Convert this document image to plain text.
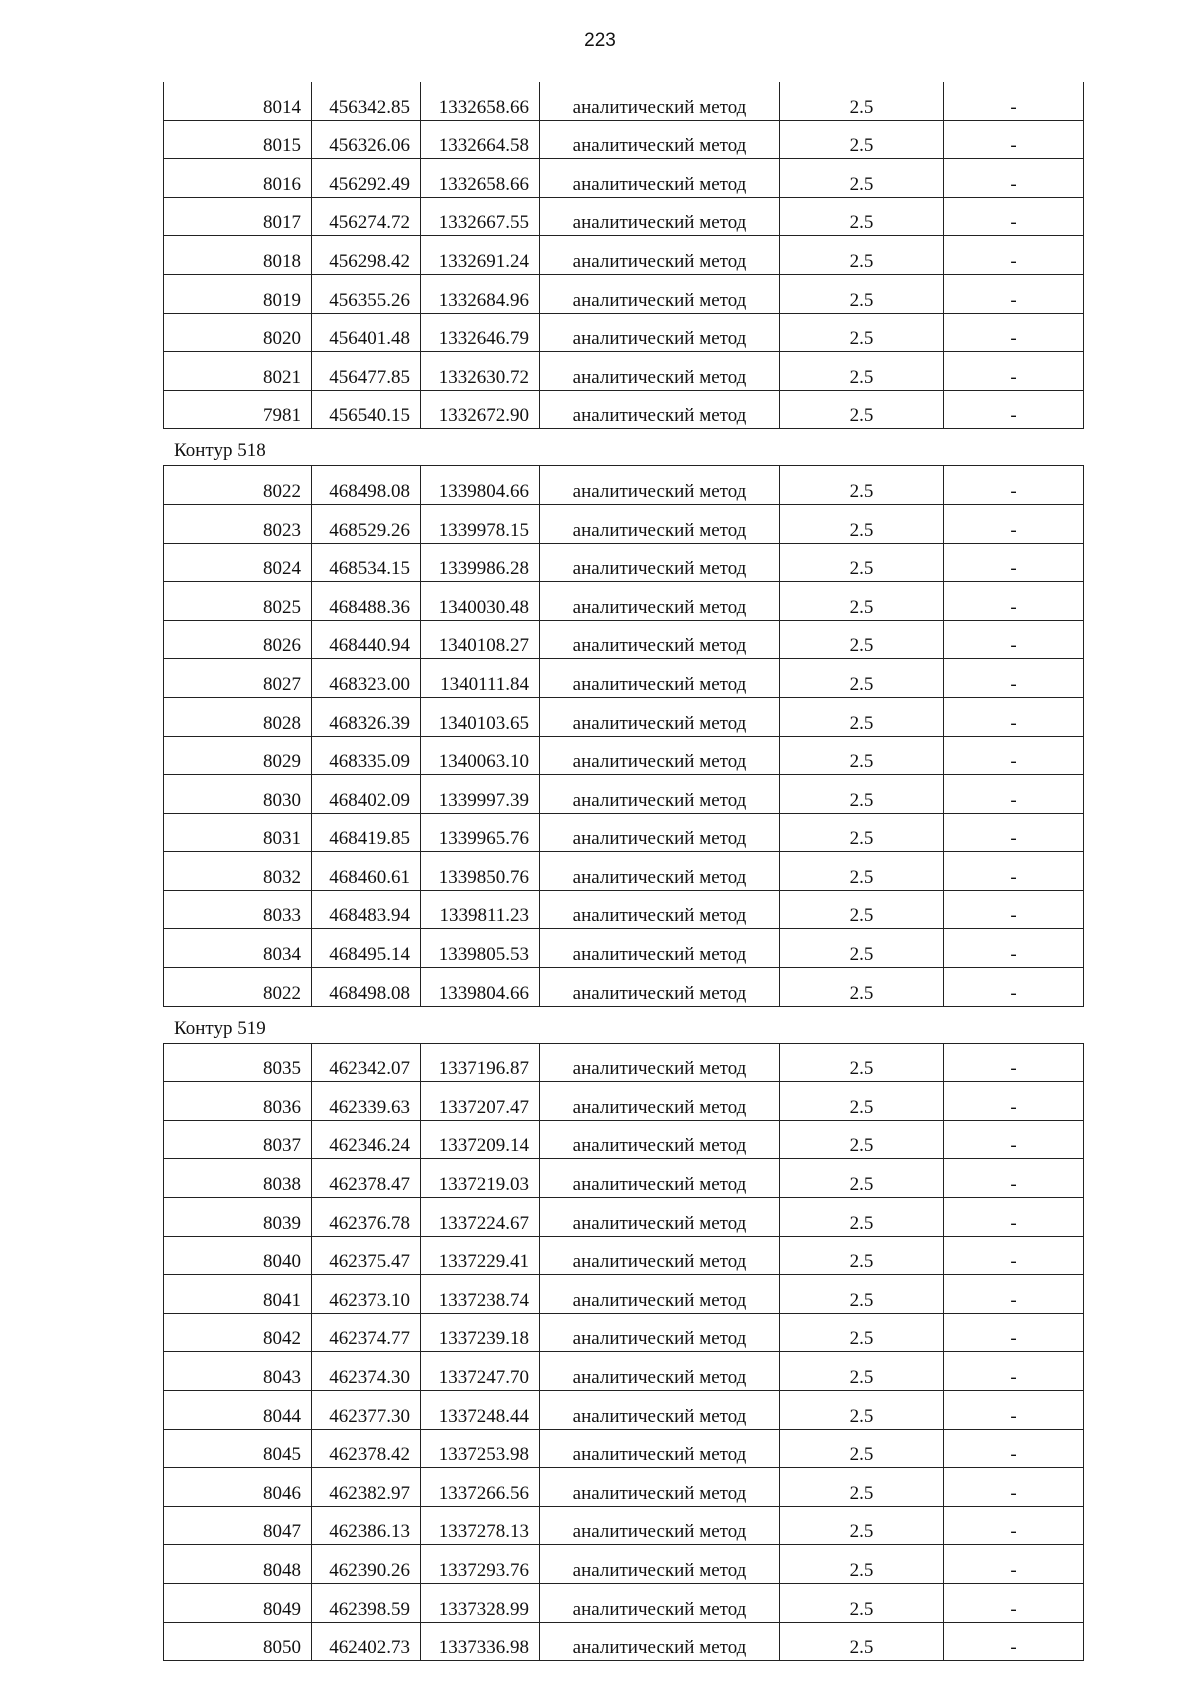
223
8014	456342.85	1332658.66	аналитический метод	2.5	-
8015	456326.06	1332664.58	аналитический метод	2.5	-
8016	456292.49	1332658.66	аналитический метод	2.5	-
8017	456274.72	1332667.55	аналитический метод	2.5	-
8018	456298.42	1332691.24	аналитический метод	2.5	-
8019	456355.26	1332684.96	аналитический метод	2.5	-
8020	456401.48	1332646.79	аналитический метод	2.5	-
8021	456477.85	1332630.72	аналитический метод	2.5	-
7981	456540.15	1332672.90	аналитический метод	2.5	-
Контур 518
8022	468498.08	1339804.66	аналитический метод	2.5	-
8023	468529.26	1339978.15	аналитический метод	2.5	-
8024	468534.15	1339986.28	аналитический метод	2.5	-
8025	468488.36	1340030.48	аналитический метод	2.5	-
8026	468440.94	1340108.27	аналитический метод	2.5	-
8027	468323.00	1340111.84	аналитический метод	2.5	-
8028	468326.39	1340103.65	аналитический метод	2.5	-
8029	468335.09	1340063.10	аналитический метод	2.5	-
8030	468402.09	1339997.39	аналитический метод	2.5	-
8031	468419.85	1339965.76	аналитический метод	2.5	-
8032	468460.61	1339850.76	аналитический метод	2.5	-
8033	468483.94	1339811.23	аналитический метод	2.5	-
8034	468495.14	1339805.53	аналитический метод	2.5	-
8022	468498.08	1339804.66	аналитический метод	2.5	-
Контур 519
8035	462342.07	1337196.87	аналитический метод	2.5	-
8036	462339.63	1337207.47	аналитический метод	2.5	-
8037	462346.24	1337209.14	аналитический метод	2.5	-
8038	462378.47	1337219.03	аналитический метод	2.5	-
8039	462376.78	1337224.67	аналитический метод	2.5	-
8040	462375.47	1337229.41	аналитический метод	2.5	-
8041	462373.10	1337238.74	аналитический метод	2.5	-
8042	462374.77	1337239.18	аналитический метод	2.5	-
8043	462374.30	1337247.70	аналитический метод	2.5	-
8044	462377.30	1337248.44	аналитический метод	2.5	-
8045	462378.42	1337253.98	аналитический метод	2.5	-
8046	462382.97	1337266.56	аналитический метод	2.5	-
8047	462386.13	1337278.13	аналитический метод	2.5	-
8048	462390.26	1337293.76	аналитический метод	2.5	-
8049	462398.59	1337328.99	аналитический метод	2.5	-
8050	462402.73	1337336.98	аналитический метод	2.5	-
